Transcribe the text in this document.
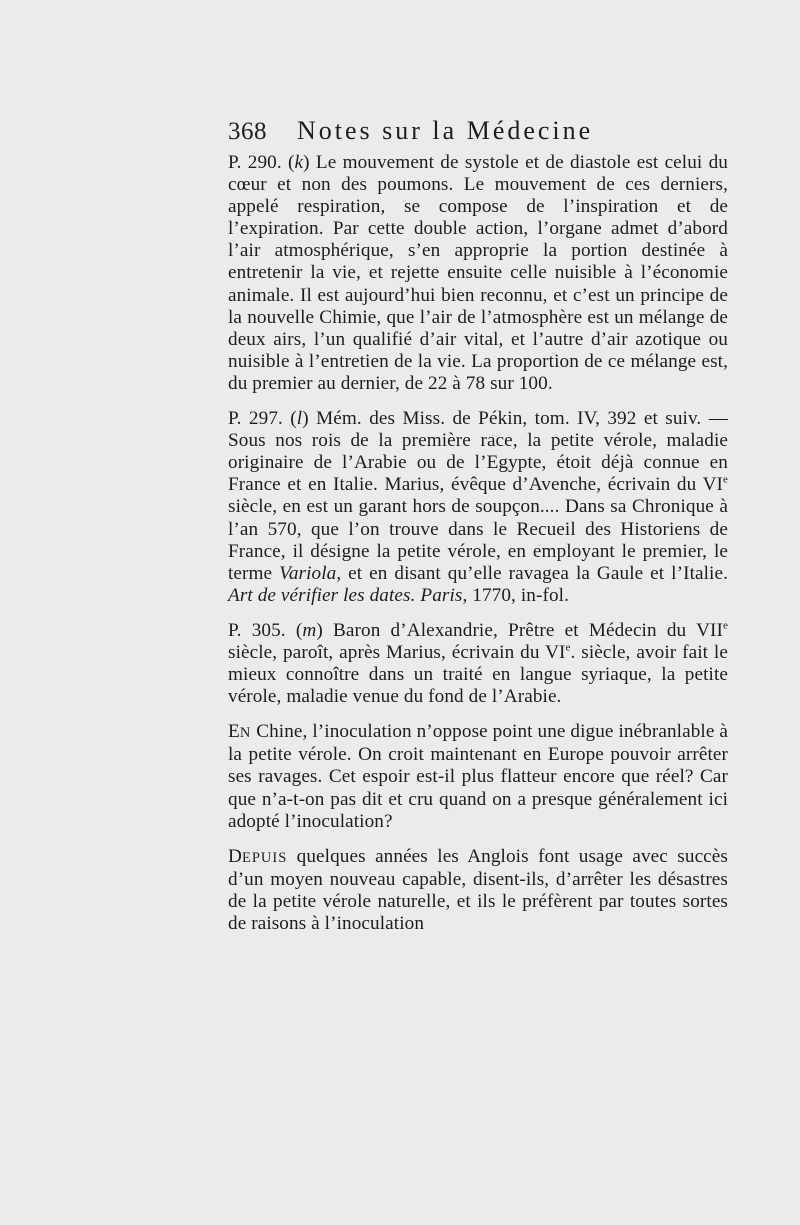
368 Notes sur la Médecine

P. 290. (k) Le mouvement de systole et de diastole est celui du cœur et non des poumons. Le mouvement de ces derniers, appelé respiration, se compose de l’inspiration et de l’expiration. Par cette double action, l’organe admet d’abord l’air atmosphérique, s’en approprie la portion destinée à entretenir la vie, et rejette ensuite celle nuisible à l’économie animale. Il est aujourd’hui bien reconnu, et c’est un principe de la nouvelle Chimie, que l’air de l’atmosphère est un mélange de deux airs, l’un qualifié d’air vital, et l’autre d’air azotique ou nuisible à l’entretien de la vie. La proportion de ce mélange est, du premier au dernier, de 22 à 78 sur 100.

P. 297. (l) Mém. des Miss. de Pékin, tom. IV, 392 et suiv. — Sous nos rois de la première race, la petite vérole, maladie originaire de l’Arabie ou de l’Egypte, étoit déjà connue en France et en Italie. Marius, évêque d’Avenche, écrivain du VIe siècle, en est un garant hors de soupçon.... Dans sa Chronique à l’an 570, que l’on trouve dans le Recueil des Historiens de France, il désigne la petite vérole, en employant le premier, le terme Variola, et en disant qu’elle ravagea la Gaule et l’Italie. Art de vérifier les dates. Paris, 1770, in-fol.

P. 305. (m) Baron d’Alexandrie, Prêtre et Médecin du VIIe siècle, paroît, après Marius, écrivain du VIe. siècle, avoir fait le mieux connoître dans un traité en langue syriaque, la petite vérole, maladie venue du fond de l’Arabie.

EN Chine, l’inoculation n’oppose point une digue inébranlable à la petite vérole. On croit maintenant en Europe pouvoir arrêter ses ravages. Cet espoir est-il plus flatteur encore que réel? Car que n’a-t-on pas dit et cru quand on a presque généralement ici adopté l’inoculation?

DEPUIS quelques années les Anglois font usage avec succès d’un moyen nouveau capable, disent-ils, d’arrêter les désastres de la petite vérole naturelle, et ils le préfèrent par toutes sortes de raisons à l’inoculation
